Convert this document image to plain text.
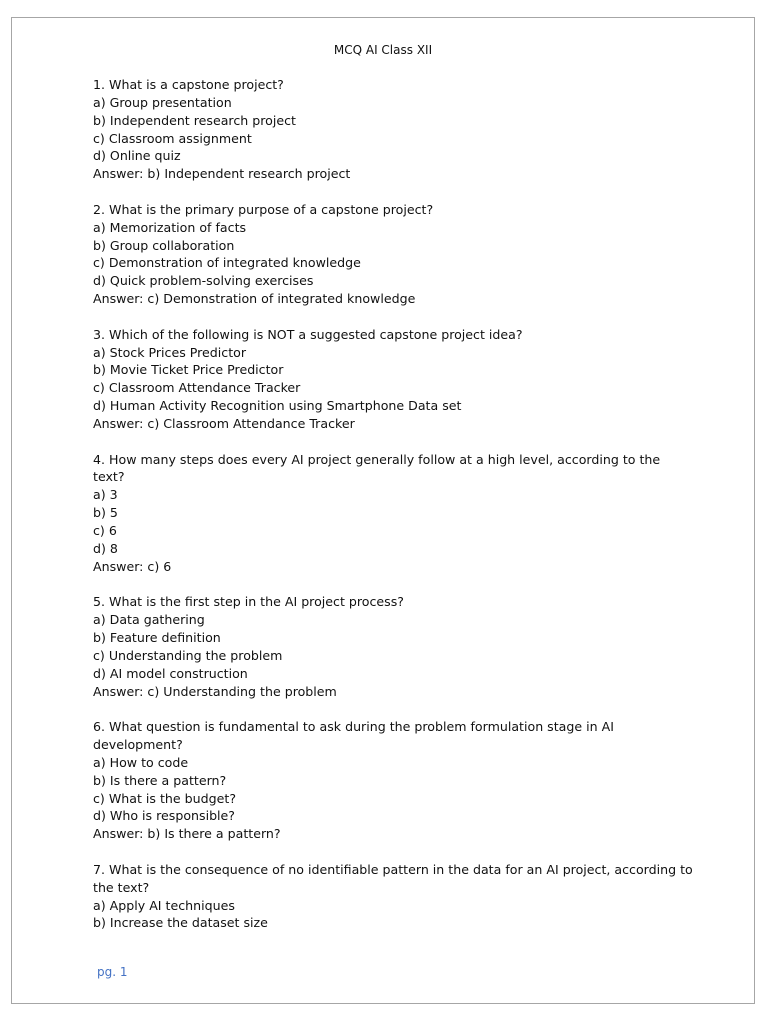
MCQ AI Class XII
1. What is a capstone project?
a) Group presentation
b) Independent research project
c) Classroom assignment
d) Online quiz
Answer: b) Independent research project
2. What is the primary purpose of a capstone project?
a) Memorization of facts
b) Group collaboration
c) Demonstration of integrated knowledge
d) Quick problem-solving exercises
Answer: c) Demonstration of integrated knowledge
3. Which of the following is NOT a suggested capstone project idea?
a) Stock Prices Predictor
b) Movie Ticket Price Predictor
c) Classroom Attendance Tracker
d) Human Activity Recognition using Smartphone Data set
Answer: c) Classroom Attendance Tracker
4. How many steps does every AI project generally follow at a high level, according to the text?
a) 3
b) 5
c) 6
d) 8
Answer: c) 6
5. What is the first step in the AI project process?
a) Data gathering
b) Feature definition
c) Understanding the problem
d) AI model construction
Answer: c) Understanding the problem
6. What question is fundamental to ask during the problem formulation stage in AI development?
a) How to code
b) Is there a pattern?
c) What is the budget?
d) Who is responsible?
Answer: b) Is there a pattern?
7. What is the consequence of no identifiable pattern in the data for an AI project, according to the text?
a) Apply AI techniques
b) Increase the dataset size
pg. 1
